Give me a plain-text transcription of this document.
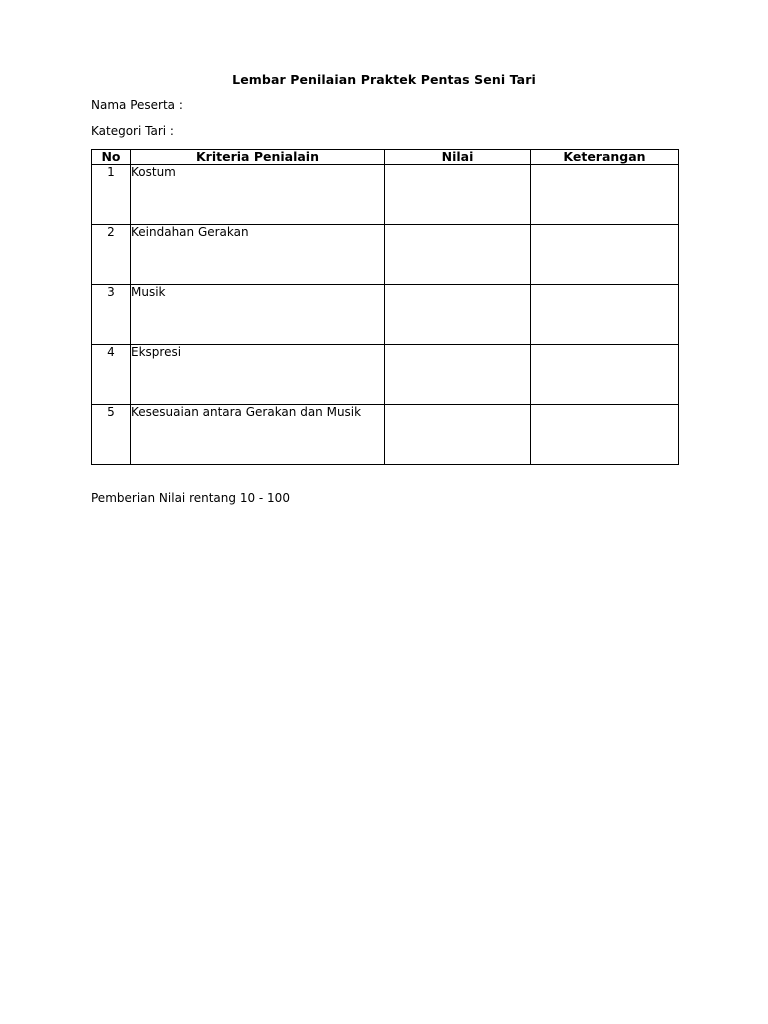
Lembar Penilaian Praktek Pentas Seni Tari
Nama Peserta :
Kategori Tari :
No	Kriteria Penialain	Nilai	Keterangan
1	Kostum		
2	Keindahan Gerakan		
3	Musik		
4	Ekspresi		
5	Kesesuaian antara Gerakan dan Musik		
Pemberian Nilai rentang 10 - 100
